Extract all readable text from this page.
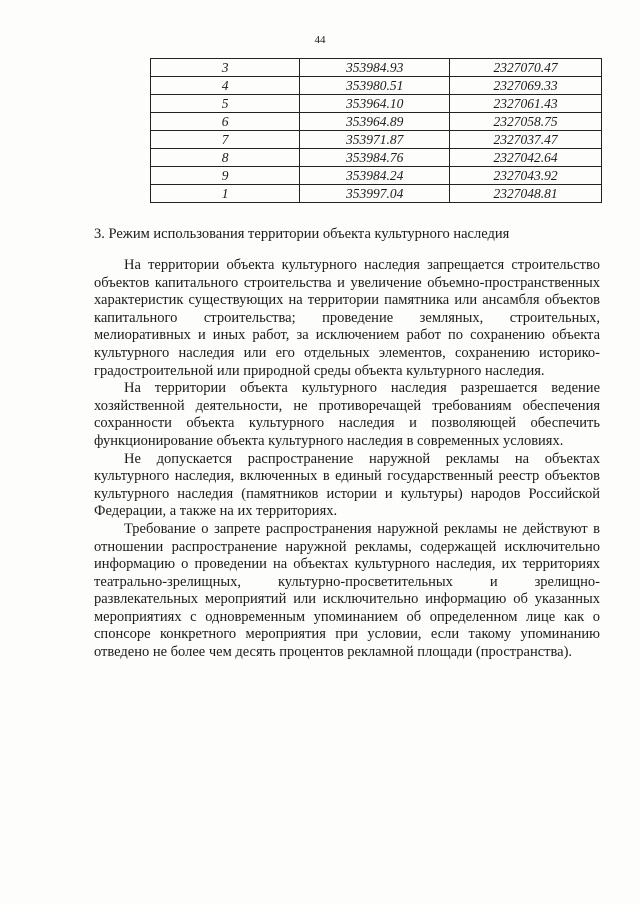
44
3	353984.93	2327070.47
4	353980.51	2327069.33
5	353964.10	2327061.43
6	353964.89	2327058.75
7	353971.87	2327037.47
8	353984.76	2327042.64
9	353984.24	2327043.92
1	353997.04	2327048.81
3. Режим использования территории объекта культурного наследия

На территории объекта культурного наследия запрещается строительство объектов капитального строительства и увеличение объемно-пространственных характеристик существующих на территории памятника или ансамбля объектов капитального строительства; проведение земляных, строительных, мелиоративных и иных работ, за исключением работ по сохранению объекта культурного наследия или его отдельных элементов, сохранению историко-градостроительной или природной среды объекта культурного наследия.

На территории объекта культурного наследия разрешается ведение хозяйственной деятельности, не противоречащей требованиям обеспечения сохранности объекта культурного наследия и позволяющей обеспечить функционирование объекта культурного наследия в современных условиях.

Не допускается распространение наружной рекламы на объектах культурного наследия, включенных в единый государственный реестр объектов культурного наследия (памятников истории и культуры) народов Российской Федерации, а также на их территориях.

Требование о запрете распространения наружной рекламы не действуют в отношении распространение наружной рекламы, содержащей исключительно информацию о проведении на объектах культурного наследия, их территориях театрально-зрелищных, культурно-просветительных и зрелищно-развлекательных мероприятий или исключительно информацию об указанных мероприятиях с одновременным упоминанием об определенном лице как о спонсоре конкретного мероприятия при условии, если такому упоминанию отведено не более чем десять процентов рекламной площади (пространства).
